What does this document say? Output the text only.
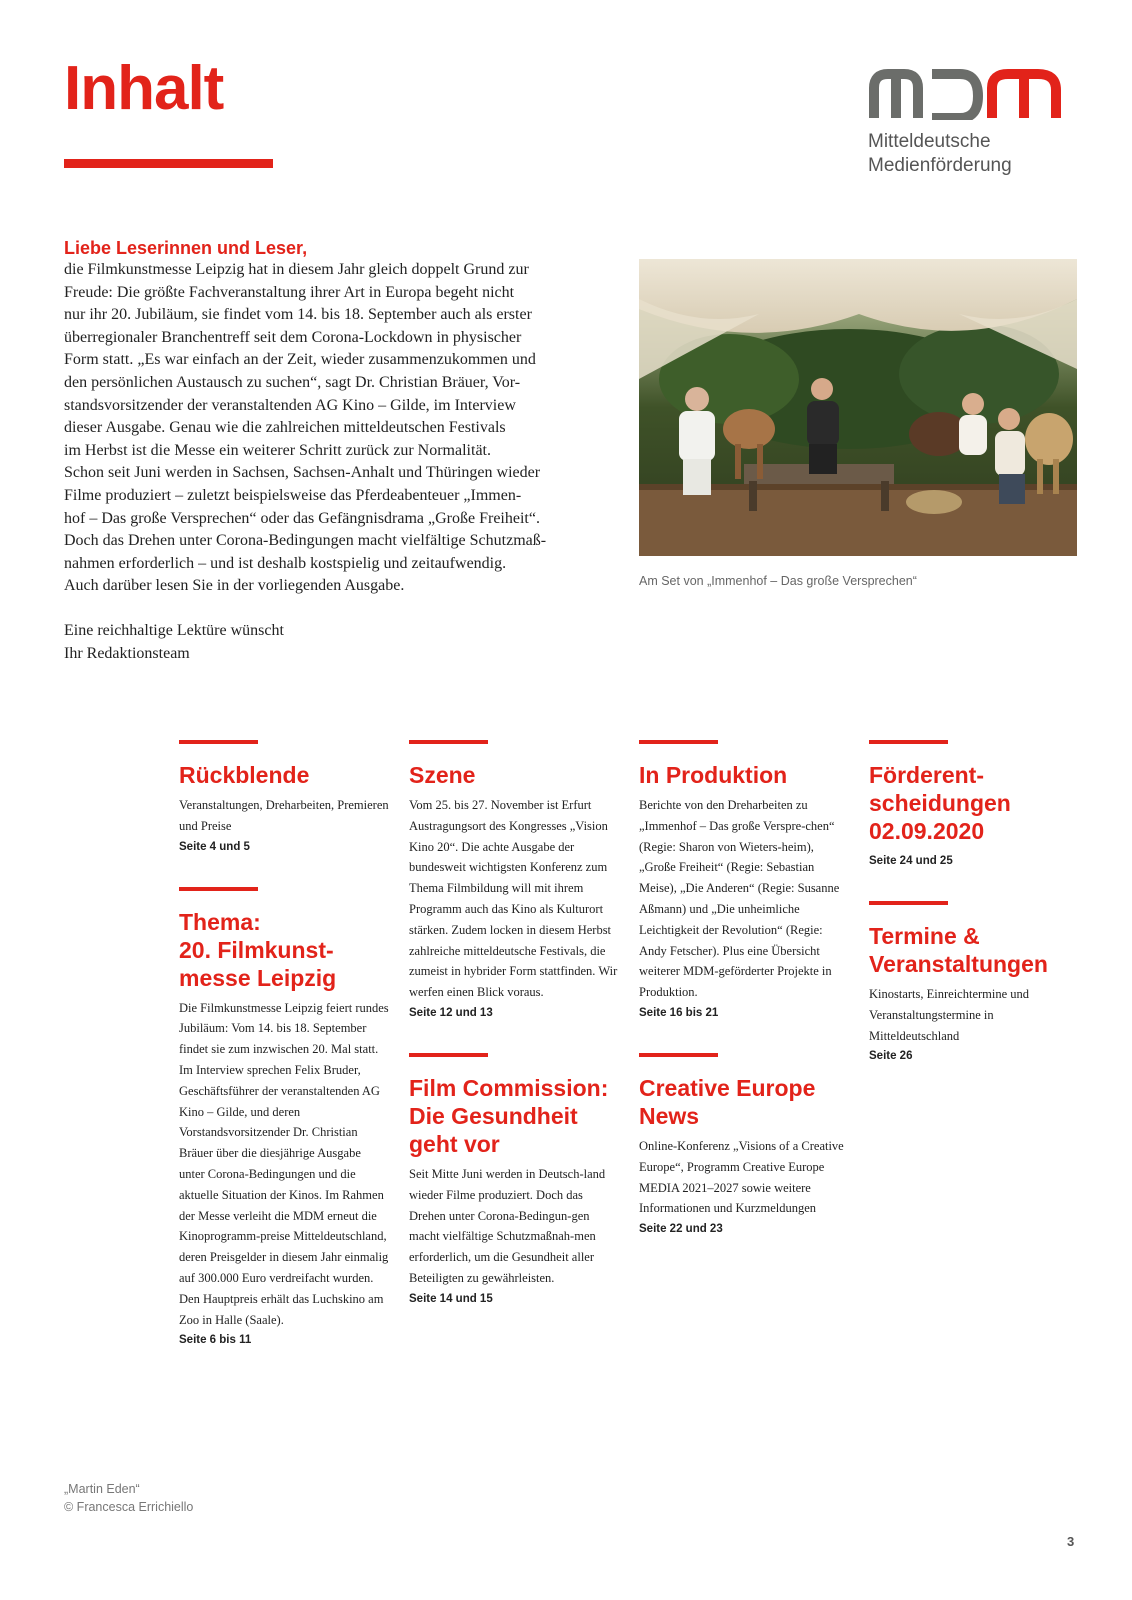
Inhalt
Mitteldeutsche
Medienförderung
Liebe Leserinnen und Leser,

die Filmkunstmesse Leipzig hat in diesem Jahr gleich doppelt Grund zur

Freude: Die größte Fachveranstaltung ihrer Art in Europa begeht nicht

nur ihr 20. Jubiläum, sie findet vom 14. bis 18. September auch als erster

überregionaler Branchentreff seit dem Corona-Lockdown in physischer

Form statt. „Es war einfach an der Zeit, wieder zusammenzukommen und

den persönlichen Austausch zu suchen“, sagt Dr. Christian Bräuer, Vor-

standsvorsitzender der veranstaltenden AG Kino – Gilde, im Interview

dieser Ausgabe. Genau wie die zahlreichen mitteldeutschen Festivals

im Herbst ist die Messe ein weiterer Schritt zurück zur Normalität.

Schon seit Juni werden in Sachsen, Sachsen-Anhalt und Thüringen wieder

Filme produziert – zuletzt beispielsweise das Pferdeabenteuer „Immen-

hof – Das große Versprechen“ oder das Gefängnisdrama „Große Freiheit“.

Doch das Drehen unter Corona-Bedingungen macht vielfältige Schutzmaß-

nahmen erforderlich – und ist deshalb kostspielig und zeitaufwendig.

Auch darüber lesen Sie in der vorliegenden Ausgabe.

Eine reichhaltige Lektüre wünscht
Ihr Redaktionsteam
Am Set von „Immenhof – Das große Versprechen“
Rückblende
Veranstaltungen, Dreharbeiten, Premieren und Preise
Seite 4 und 5
Thema:
20. Filmkunst-
messe Leipzig
Die Filmkunstmesse Leipzig feiert rundes Jubiläum: Vom 14. bis 18. September findet sie zum inzwischen 20. Mal statt. Im Interview sprechen Felix Bruder, Geschäftsführer der veranstaltenden AG Kino – Gilde, und deren Vorstandsvorsitzender Dr. Christian Bräuer über die diesjährige Ausgabe unter Corona-Bedingungen und die aktuelle Situation der Kinos. Im Rahmen der Messe verleiht die MDM erneut die Kinoprogramm-preise Mitteldeutschland, deren Preisgelder in diesem Jahr einmalig auf 300.000 Euro verdreifacht wurden. Den Hauptpreis erhält das Luchskino am Zoo in Halle (Saale).
Seite 6 bis 11
Szene
Vom 25. bis 27. November ist Erfurt Austragungsort des Kongresses „Vision Kino 20“. Die achte Ausgabe der bundesweit wichtigsten Konferenz zum Thema Filmbildung will mit ihrem Programm auch das Kino als Kulturort stärken. Zudem locken in diesem Herbst zahlreiche mitteldeutsche Festivals, die zumeist in hybrider Form stattfinden. Wir werfen einen Blick voraus.
Seite 12 und 13
Film Commission:
Die Gesundheit
geht vor
Seit Mitte Juni werden in Deutsch-land wieder Filme produziert. Doch das Drehen unter Corona-Bedingun-gen macht vielfältige Schutzmaßnah-men erforderlich, um die Gesundheit aller Beteiligten zu gewährleisten.
Seite 14 und 15
In Produktion
Berichte von den Dreharbeiten zu „Immenhof – Das große Verspre-chen“ (Regie: Sharon von Wieters-heim), „Große Freiheit“ (Regie: Sebastian Meise), „Die Anderen“ (Regie: Susanne Aßmann) und „Die unheimliche Leichtigkeit der Revolution“ (Regie: Andy Fetscher). Plus eine Übersicht weiterer MDM-geförderter Projekte in Produktion.
Seite 16 bis 21
Creative Europe
News
Online-Konferenz „Visions of a Creative Europe“, Programm Creative Europe MEDIA 2021–2027 sowie weitere Informationen und Kurzmeldungen
Seite 22 und 23
Förderent-
scheidungen
02.09.2020
Seite 24 und 25
Termine &
Veranstaltungen
Kinostarts, Einreichtermine und Veranstaltungstermine in Mitteldeutschland
Seite 26
„Martin Eden“
© Francesca Errichiello
3
